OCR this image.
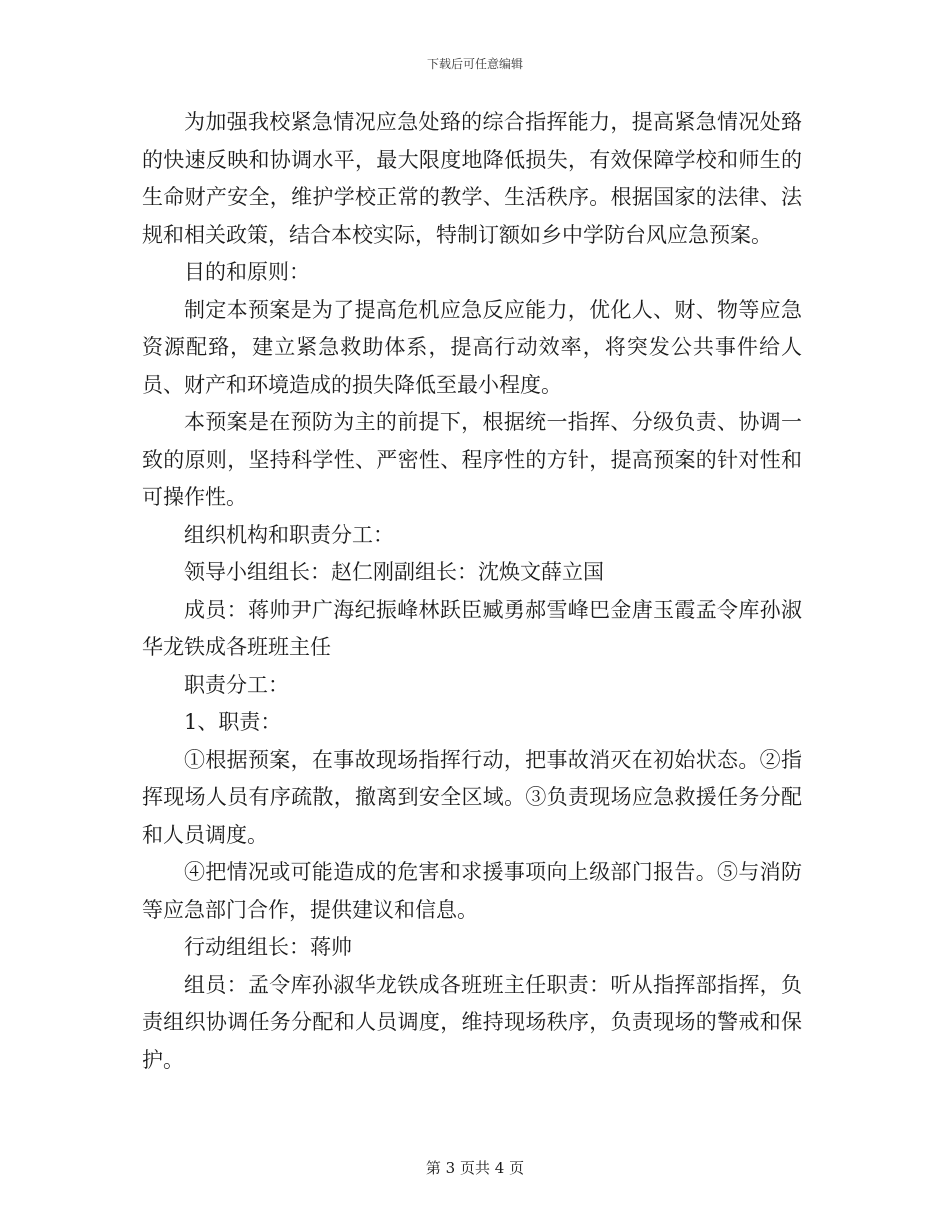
下载后可任意编辑

为加强我校紧急情况应急处臵的综合指挥能力，提高紧急情况处臵的快速反映和协调水平，最大限度地降低损失，有效保障学校和师生的生命财产安全，维护学校正常的教学、生活秩序。根据国家的法律、法规和相关政策，结合本校实际，特制订额如乡中学防台风应急预案。

目的和原则：

制定本预案是为了提高危机应急反应能力，优化人、财、物等应急资源配臵，建立紧急救助体系，提高行动效率，将突发公共事件给人员、财产和环境造成的损失降低至最小程度。

本预案是在预防为主的前提下，根据统一指挥、分级负责、协调一致的原则，坚持科学性、严密性、程序性的方针，提高预案的针对性和可操作性。

组织机构和职责分工：

领导小组组长：赵仁刚副组长：沈焕文薛立国

成员：蒋帅尹广海纪振峰林跃臣臧勇郝雪峰巴金唐玉霞孟令库孙淑华龙铁成各班班主任

职责分工：

1、职责：

①根据预案，在事故现场指挥行动，把事故消灭在初始状态。②指挥现场人员有序疏散，撤离到安全区域。③负责现场应急救援任务分配和人员调度。

④把情况或可能造成的危害和求援事项向上级部门报告。⑤与消防等应急部门合作，提供建议和信息。

行动组组长：蒋帅

组员：孟令库孙淑华龙铁成各班班主任职责：听从指挥部指挥，负责组织协调任务分配和人员调度，维持现场秩序，负责现场的警戒和保护。

第 3 页共 4 页
